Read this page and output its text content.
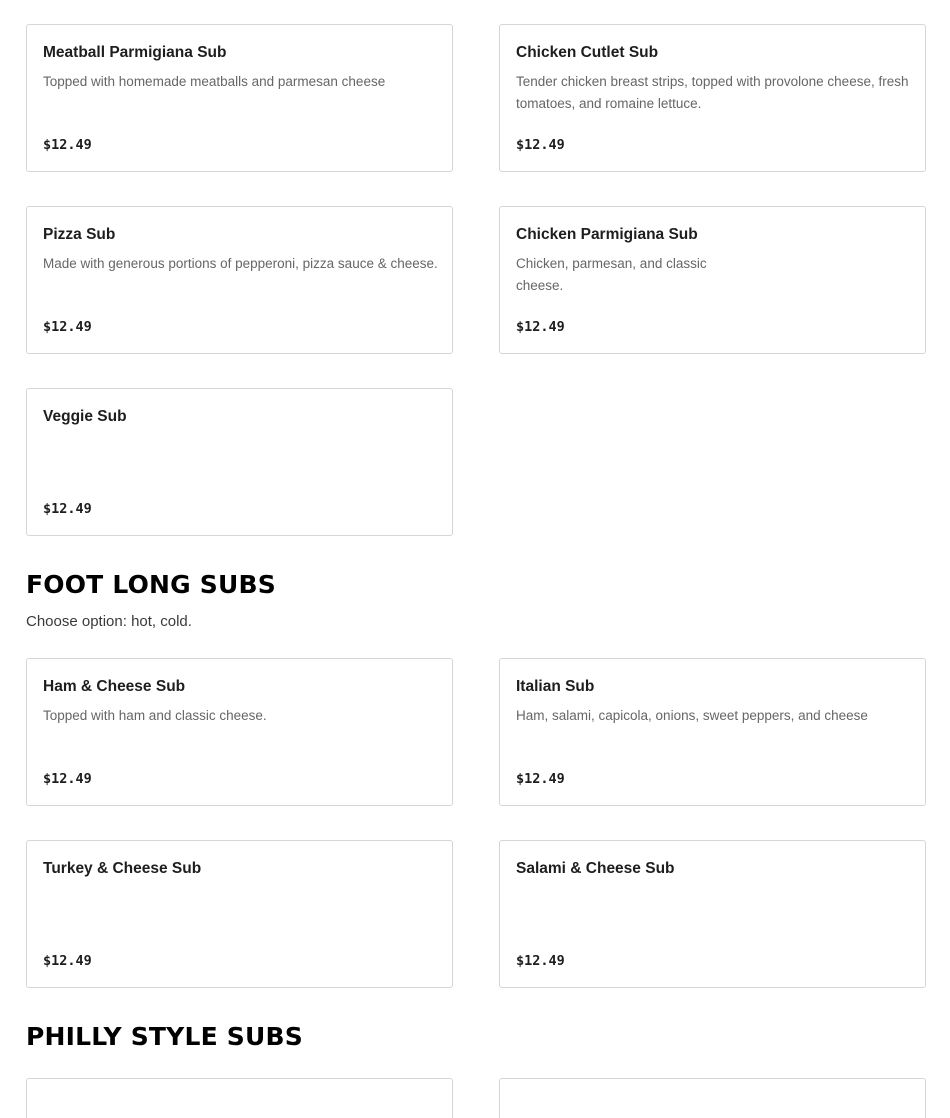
Meatball Parmigiana Sub
Topped with homemade meatballs and parmesan cheese
$12.49
Chicken Cutlet Sub
Tender chicken breast strips, topped with provolone cheese, fresh tomatoes, and romaine lettuce.
$12.49
Pizza Sub
Made with generous portions of pepperoni, pizza sauce & cheese.
$12.49
Chicken Parmigiana Sub
Chicken, parmesan, and classic cheese.
$12.49
Veggie Sub
$12.49
FOOT LONG SUBS
Choose option: hot, cold.
Ham & Cheese Sub
Topped with ham and classic cheese.
$12.49
Italian Sub
Ham, salami, capicola, onions, sweet peppers, and cheese
$12.49
Turkey & Cheese Sub
$12.49
Salami & Cheese Sub
$12.49
PHILLY STYLE SUBS
